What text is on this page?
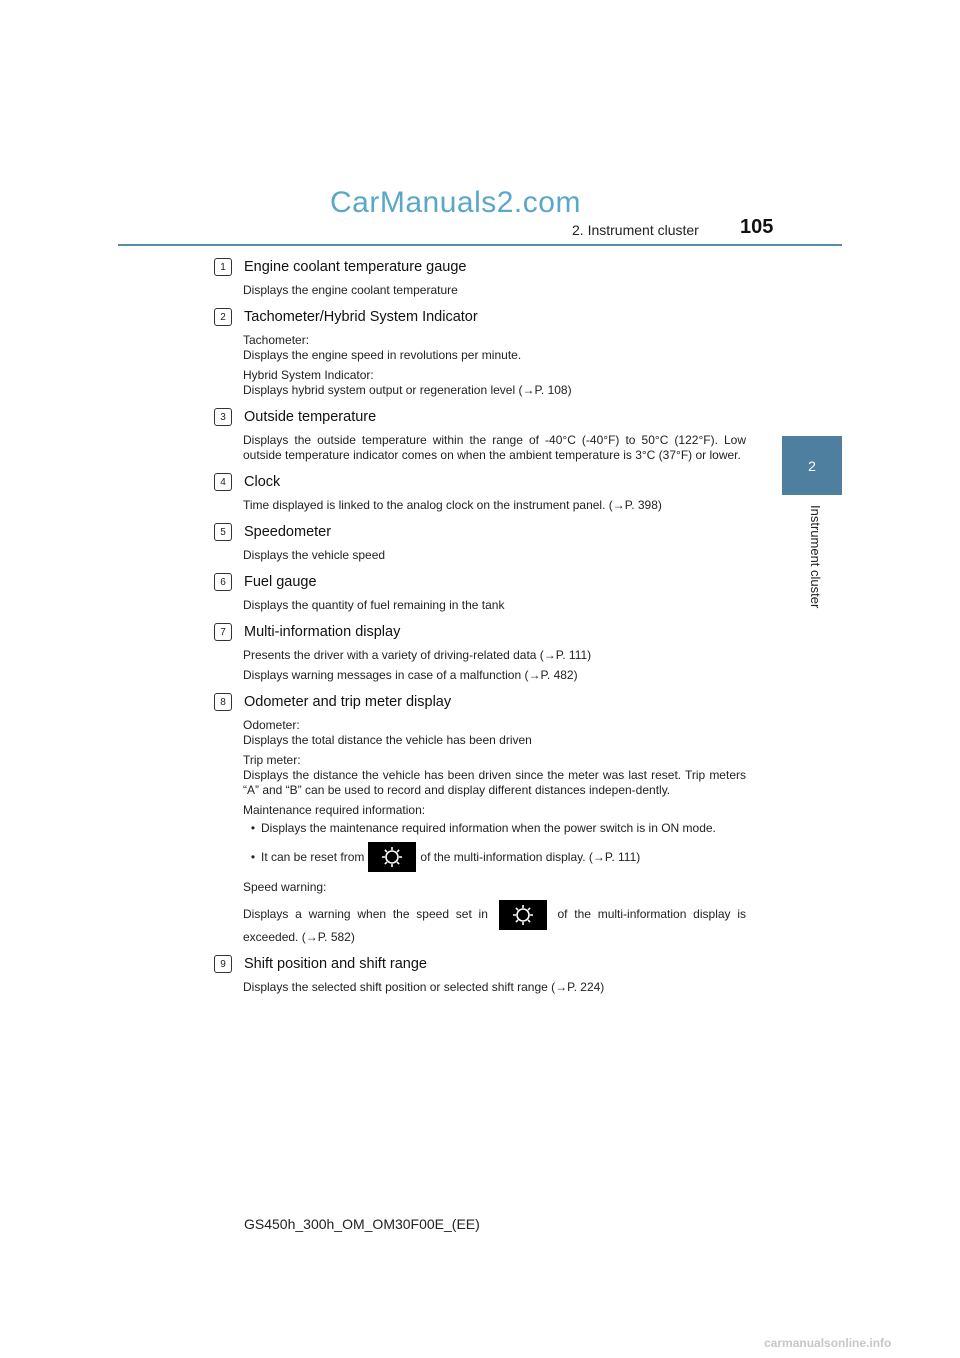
CarManuals2.com
2. Instrument cluster 105
2
Instrument cluster
1	Engine coolant temperature gauge
Displays the engine coolant temperature
2	Tachometer/Hybrid System Indicator
Tachometer:
Displays the engine speed in revolutions per minute.
Hybrid System Indicator:
Displays hybrid system output or regeneration level (→P. 108)
3	Outside temperature
Displays the outside temperature within the range of -40°C (-40°F) to 50°C (122°F). Low outside temperature indicator comes on when the ambient temperature is 3°C (37°F) or lower.
4	Clock
Time displayed is linked to the analog clock on the instrument panel. (→P. 398)
5	Speedometer
Displays the vehicle speed
6	Fuel gauge
Displays the quantity of fuel remaining in the tank
7	Multi-information display
Presents the driver with a variety of driving-related data (→P. 111)
Displays warning messages in case of a malfunction (→P. 482)
8	Odometer and trip meter display
Odometer:
Displays the total distance the vehicle has been driven
Trip meter:
Displays the distance the vehicle has been driven since the meter was last reset. Trip meters “A” and “B” can be used to record and display different distances indepen-dently.
Maintenance required information:
• Displays the maintenance required information when the power switch is in ON mode.
• It can be reset from	of the multi-information display. (→P. 111)
Speed warning:
Displays a warning when the speed set in	of the multi-information display is exceeded. (→P. 582)
9	Shift position and shift range
Displays the selected shift position or selected shift range (→P. 224)
GS450h_300h_OM_OM30F00E_(EE)
carmanualsonline.info
